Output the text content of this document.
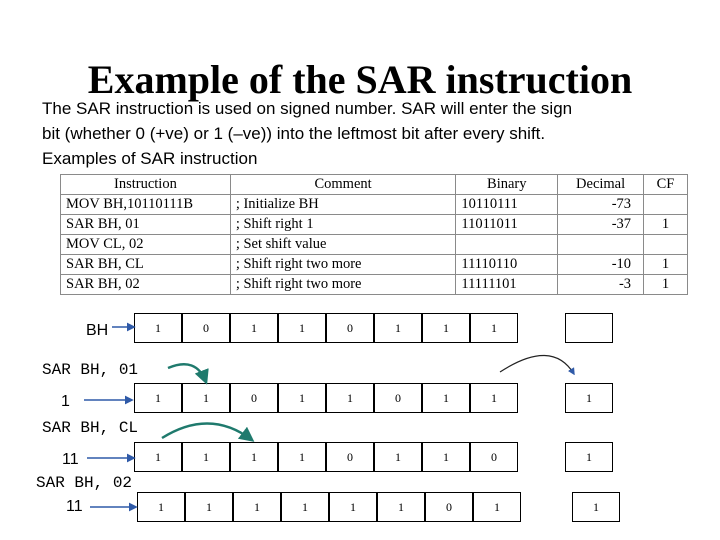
Example of the SAR instruction
The SAR instruction is used on signed number. SAR will enter the sign
bit (whether 0 (+ve) or 1 (–ve)) into the leftmost bit after every shift.
Examples of SAR instruction
Instruction	Comment	Binary	Decimal	CF
MOV BH,10110111B	; Initialize BH	10110111	-73	
SAR BH, 01	; Shift right 1	11011011	-37	1
MOV CL, 02	; Set shift value			
SAR BH, CL	; Shift right two more	11110110	-10	1
SAR BH, 02	; Shift right two more	11111101	-3	1
BH
SAR BH, 01
SAR BH, CL
SAR BH, 02
1
11
11
1	0	1	1	0	1	1	1
1	1	0	1	1	0	1	1	1
1	1	1	1	0	1	1	0	1
1	1	1	1	1	1	0	1	1
